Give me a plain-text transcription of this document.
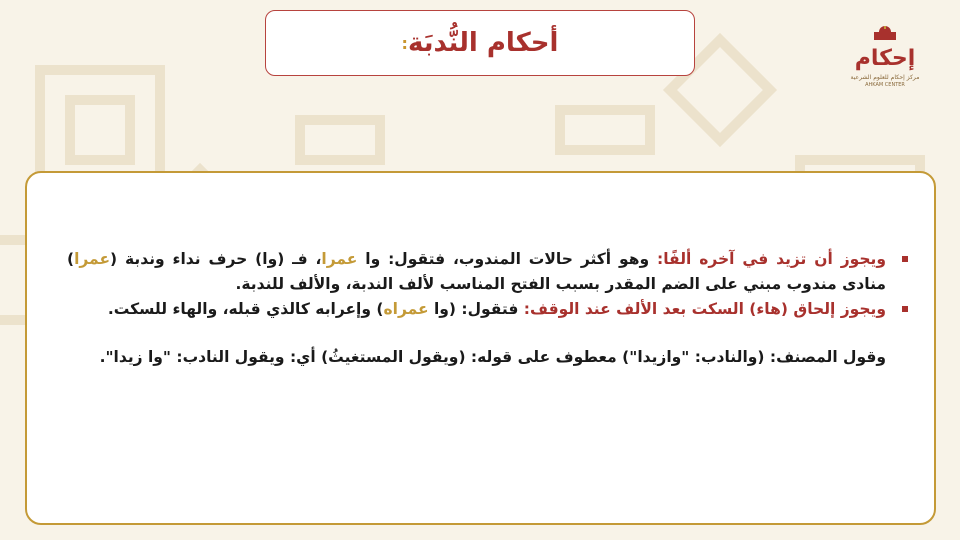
إحكام
مركز إحكام للعلوم الشرعية
AHKAM CENTER
أحكام النُّدبَة:

ويجوز أن تزيد في آخره ألفًا: وهو أكثر حالات المندوب، فتقول: وا عمرا، فـ (وا) حرف نداء وندبة (عمرا) منادى مندوب مبني على الضم المقدر بسبب الفتح المناسب لألف الندبة، والألف للندبة.

ويجوز إلحاق (هاء) السكت بعد الألف عند الوقف: فتقول: (وا عمراه) وإعرابه كالذي قبله، والهاء للسكت.

وقول المصنف: (والنادب: "وازيدا") معطوف على قوله: (ويقول المستغيثُ) أي: ويقول النادب: "وا زيدا".
